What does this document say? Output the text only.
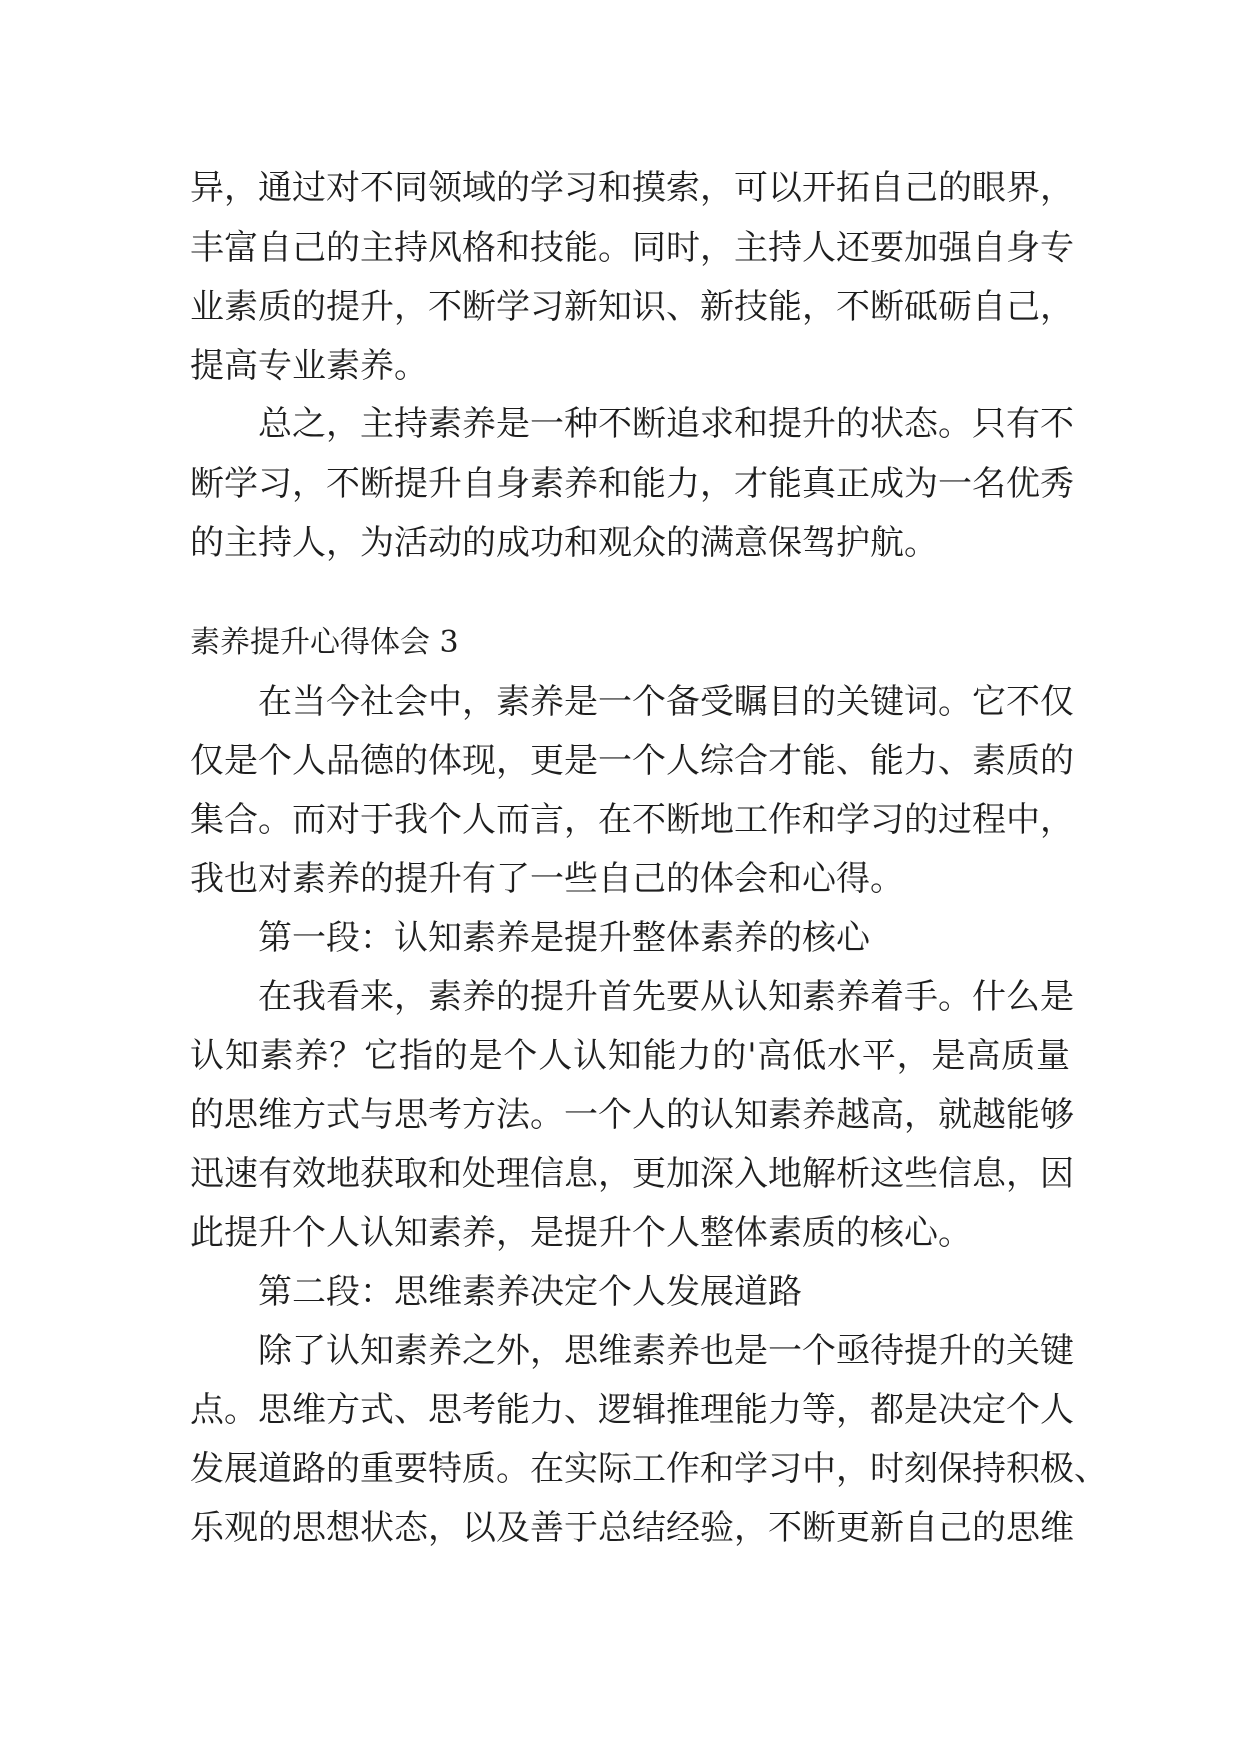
异，通过对不同领域的学习和摸索，可以开拓自己的眼界，
丰富自己的主持风格和技能。同时，主持人还要加强自身专
业素质的提升，不断学习新知识、新技能，不断砥砺自己，
提高专业素养。
总之，主持素养是一种不断追求和提升的状态。只有不
断学习，不断提升自身素养和能力，才能真正成为一名优秀
的主持人，为活动的成功和观众的满意保驾护航。
素养提升心得体会 3
在当今社会中，素养是一个备受瞩目的关键词。它不仅
仅是个人品德的体现，更是一个人综合才能、能力、素质的
集合。而对于我个人而言，在不断地工作和学习的过程中，
我也对素养的提升有了一些自己的体会和心得。
第一段：认知素养是提升整体素养的核心
在我看来，素养的提升首先要从认知素养着手。什么是
认知素养？它指的是个人认知能力的'高低水平，是高质量
的思维方式与思考方法。一个人的认知素养越高，就越能够
迅速有效地获取和处理信息，更加深入地解析这些信息，因
此提升个人认知素养，是提升个人整体素质的核心。
第二段：思维素养决定个人发展道路
除了认知素养之外，思维素养也是一个亟待提升的关键
点。思维方式、思考能力、逻辑推理能力等，都是决定个人
发展道路的重要特质。在实际工作和学习中，时刻保持积极、
乐观的思想状态，以及善于总结经验，不断更新自己的思维
